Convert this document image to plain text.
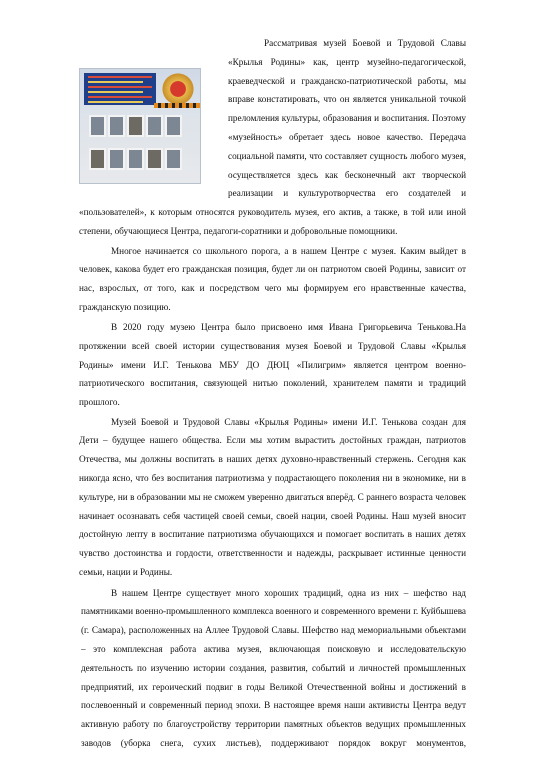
Рассматривая музей Боевой и Трудовой Славы
«Крылья Родины» как, центр музейно-педагогической,
краеведческой и гражданско-патриотической работы, мы
вправе констатировать, что он является уникальной точкой
преломления культуры, образования и воспитания. Поэтому
«музейность» обретает здесь новое качество. Передача
социальной памяти, что составляет сущность любого музея,
осуществляется здесь как бесконечный акт творческой
реализации и культуротворчества его создателей и
«пользователей», к которым относятся руководитель музея, его актив, а также, в той или иной
степени, обучающиеся Центра, педагоги-соратники и добровольные помощники.
Многое начинается со школьного порога, а в нашем Центре с музея. Каким выйдет в
человек, какова будет его гражданская позиция, будет ли он патриотом своей Родины, зависит от
нас, взрослых, от того, как и посредством чего мы формируем его нравственные качества,
гражданскую позицию.
В 2020 году музею Центра было присвоено имя Ивана Григорьевича Тенькова.На
протяжении всей своей истории существования музея Боевой и Трудовой Славы «Крылья
Родины» имени И.Г. Тенькова МБУ ДО ДЮЦ «Пилигрим» является центром военно-
патриотического воспитания, связующей нитью поколений, хранителем памяти и традиций
прошлого.
Музей Боевой и Трудовой Славы «Крылья Родины» имени И.Г. Тенькова создан для
Дети – будущее нашего общества. Если мы хотим вырастить достойных граждан, патриотов
Отечества, мы должны воспитать в наших детях духовно-нравственный стержень. Сегодня как
никогда ясно, что без воспитания патриотизма у подрастающего поколения ни в экономике, ни в
культуре, ни в образовании мы не сможем уверенно двигаться вперёд. С раннего возраста человек
начинает осознавать себя частицей своей семьи, своей нации, своей Родины. Наш музей вносит
достойную лепту в воспитание патриотизма обучающихся и помогает воспитать в наших детях
чувство достоинства и гордости, ответственности и надежды, раскрывает истинные ценности
семьи, нации и Родины.
В нашем Центре существует много хороших традиций, одна из них – шефство над
памятниками военно-промышленного комплекса военного и современного времени г. Куйбышева
(г. Самара), расположенных на Аллее Трудовой Славы. Шефство над мемориальными объектами
– это комплексная работа актива музея, включающая поисковую и исследовательскую
деятельность по изучению истории создания, развития, событий и личностей промышленных
предприятий, их героический подвиг в годы Великой Отечественной войны и достижений в
послевоенный и современный период эпохи. В настоящее время наши активисты Центра ведут
активную работу по благоустройству территории памятных объектов ведущих промышленных
заводов (уборка снега, сухих листьев), поддерживают порядок вокруг монументов,
